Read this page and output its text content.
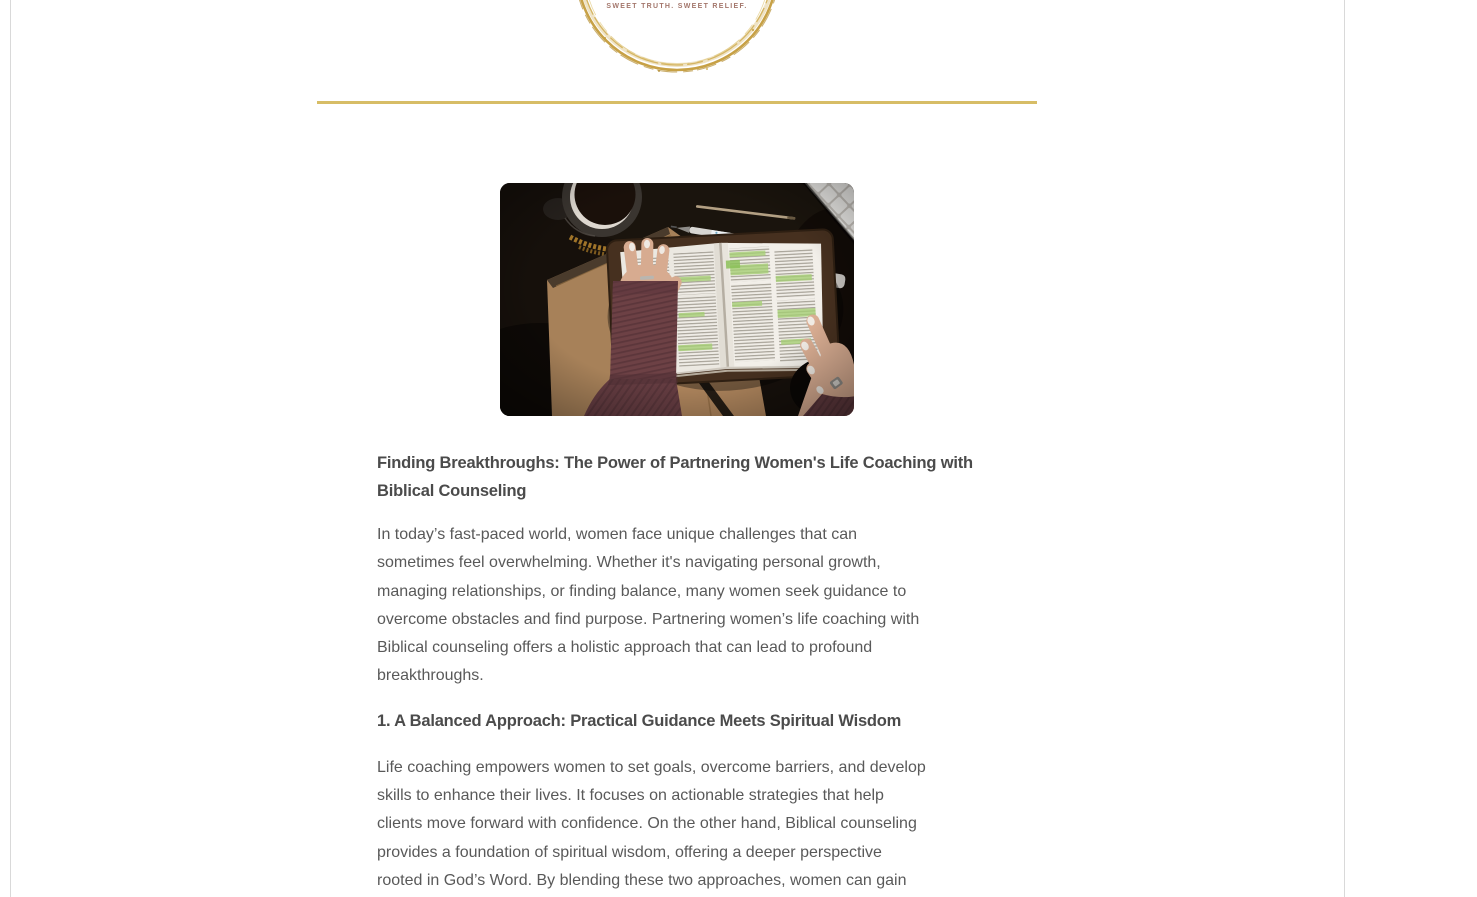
SWEET TRUTH. SWEET RELIEF.
Finding Breakthroughs: The Power of Partnering Women's Life Coaching with
Biblical Counseling

In today’s fast-paced world, women face unique challenges that can
sometimes feel overwhelming. Whether it's navigating personal growth,
managing relationships, or finding balance, many women seek guidance to
overcome obstacles and find purpose. Partnering women’s life coaching with
Biblical counseling offers a holistic approach that can lead to profound
breakthroughs.

1. A Balanced Approach: Practical Guidance Meets Spiritual Wisdom

Life coaching empowers women to set goals, overcome barriers, and develop
skills to enhance their lives. It focuses on actionable strategies that help
clients move forward with confidence. On the other hand, Biblical counseling
provides a foundation of spiritual wisdom, offering a deeper perspective
rooted in God’s Word. By blending these two approaches, women can gain
